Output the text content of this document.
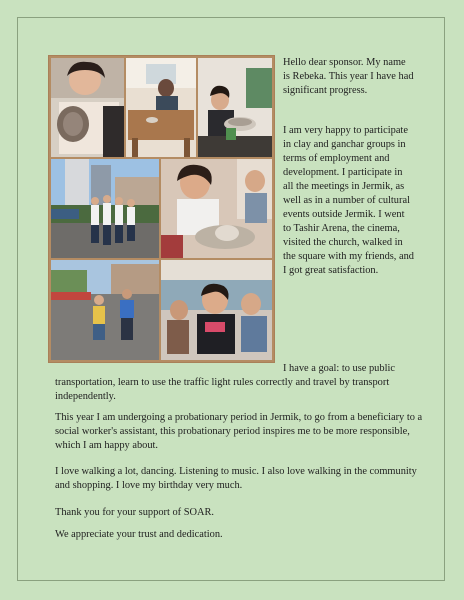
Hello dear sponsor. My name is Rebeka. This year I have had significant progress.

I am very happy to participate in clay and ganchar groups in terms of employment and development. I participate in all the meetings in Jermik, as well as in a number of cultural events outside Jermik. I went to Tashir Arena, the cinema, visited the church, walked in the square with my friends, and I got great satisfaction.

I have a goal: to use public transportation, learn to use the traffic light rules correctly and travel by transport independently.

This year I am undergoing a probationary period in Jermik, to go from a beneficiary to a social worker's assistant, this probationary period inspires me to be more responsible, which I am happy about.

I love walking a lot, dancing. Listening to music. I also love walking in the community and shopping. I love my birthday very much.

Thank you for your support of SOAR.

We appreciate your trust and dedication.
